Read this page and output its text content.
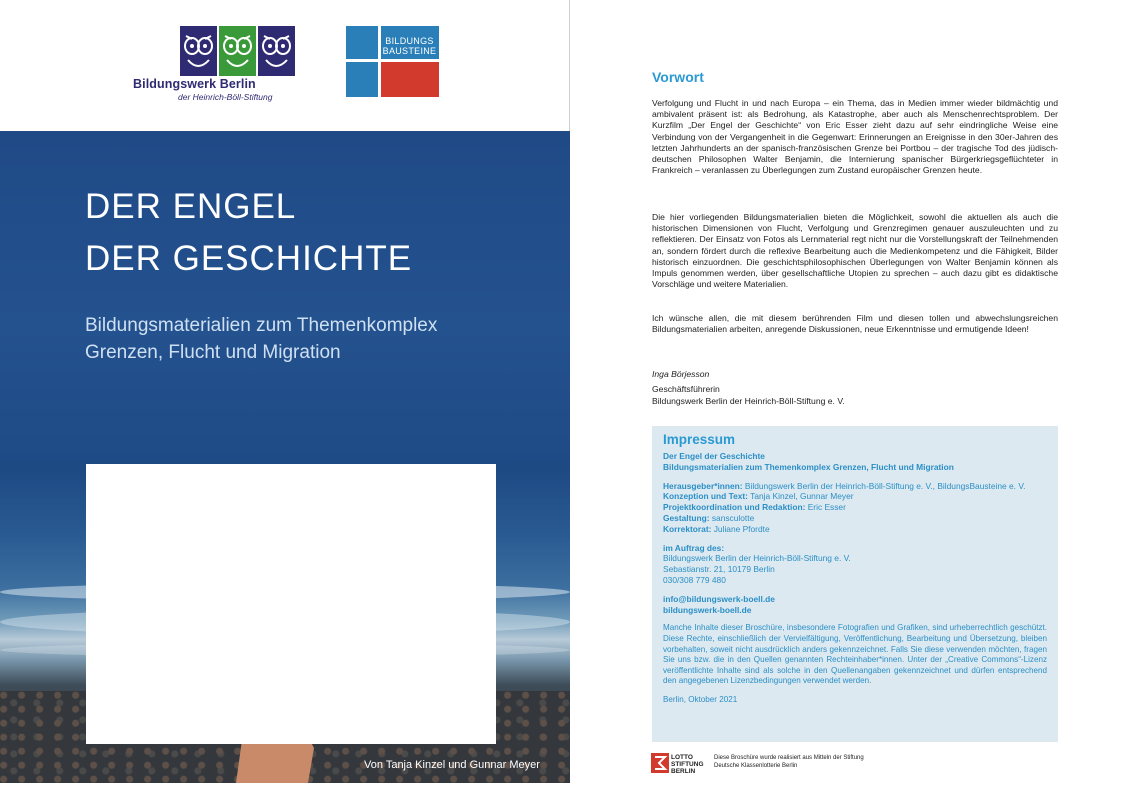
Bildungswerk Berlin
der Heinrich-Böll-Stiftung
BILDUNGS
BAUSTEINE
DER ENGEL
DER GESCHICHTE
Bildungsmaterialien zum Themenkomplex
Grenzen, Flucht und Migration
Von Tanja Kinzel und Gunnar Meyer
Vorwort

Verfolgung und Flucht in und nach Europa – ein Thema, das in Medien immer wieder bildmächtig und ambivalent präsent ist: als Bedrohung, als Katastrophe, aber auch als Menschenrechtsproblem. Der Kurzfilm „Der Engel der Geschichte“ von Eric Esser zieht dazu auf sehr eindringliche Weise eine Verbindung von der Vergangenheit in die Gegenwart: Erinnerungen an Ereignisse in den 30er-Jahren des letzten Jahrhunderts an der spanisch-französischen Grenze bei Portbou – der tragische Tod des jüdisch-deutschen Philosophen Walter Benjamin, die Internierung spanischer Bürgerkriegsgeflüchteter in Frankreich – veranlassen zu Überlegungen zum Zustand europäischer Grenzen heute.

Die hier vorliegenden Bildungsmaterialien bieten die Möglichkeit, sowohl die aktuellen als auch die historischen Dimensionen von Flucht, Verfolgung und Grenzregimen genauer auszuleuchten und zu reflektieren. Der Einsatz von Fotos als Lernmaterial regt nicht nur die Vorstellungskraft der Teilnehmenden an, sondern fördert durch die reflexive Bearbeitung auch die Medienkompetenz und die Fähigkeit, Bilder historisch einzuordnen. Die geschichtsphilosophischen Überlegungen von Walter Benjamin können als Impuls genommen werden, über gesellschaftliche Utopien zu sprechen – auch dazu gibt es didaktische Vorschläge und weitere Materialien.

Ich wünsche allen, die mit diesem berührenden Film und diesen tollen und abwechslungsreichen Bildungsmaterialien arbeiten, anregende Diskussionen, neue Erkenntnisse und ermutigende Ideen!

Inga Börjesson
Geschäftsführerin
Bildungswerk Berlin der Heinrich-Böll-Stiftung e. V.
Impressum
Der Engel der Geschichte
Bildungsmaterialien zum Themenkomplex Grenzen, Flucht und Migration
Herausgeber*innen: Bildungswerk Berlin der Heinrich-Böll-Stiftung e. V., BildungsBausteine e. V.
Konzeption und Text: Tanja Kinzel, Gunnar Meyer
Projektkoordination und Redaktion: Eric Esser
Gestaltung: sansculotte
Korrektorat: Juliane Pfordte
im Auftrag des:
Bildungswerk Berlin der Heinrich-Böll-Stiftung e. V.
Sebastianstr. 21, 10179 Berlin
030/308 779 480
info@bildungswerk-boell.de
bildungswerk-boell.de
Manche Inhalte dieser Broschüre, insbesondere Fotografien und Grafiken, sind urheberrechtlich geschützt. Diese Rechte, einschließlich der Vervielfältigung, Veröffentlichung, Bearbeitung und Übersetzung, bleiben vorbehalten, soweit nicht ausdrücklich anders gekennzeichnet. Falls Sie diese verwenden möchten, fragen Sie uns bzw. die in den Quellen genannten Rechteinhaber*innen. Unter der „Creative Commons“-Lizenz veröffentlichte Inhalte sind als solche in den Quellenangaben gekennzeichnet und dürfen entsprechend den angegebenen Lizenzbedingungen verwendet werden.
Berlin, Oktober 2021
LOTTO
STIFTUNG
BERLIN
Diese Broschüre wurde realisiert aus Mitteln der Stiftung Deutsche Klassenlotterie Berlin
